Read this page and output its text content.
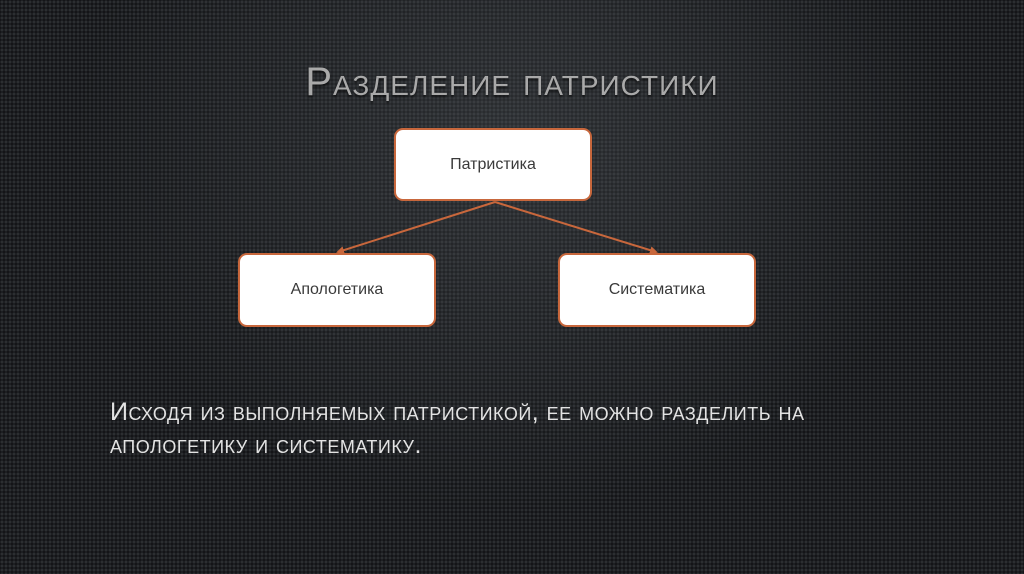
Разделение патристики
Патристика
Апологетика	Систематика
Исходя из выполняемых патристикой, ее можно разделить на апологетику и систематику.
